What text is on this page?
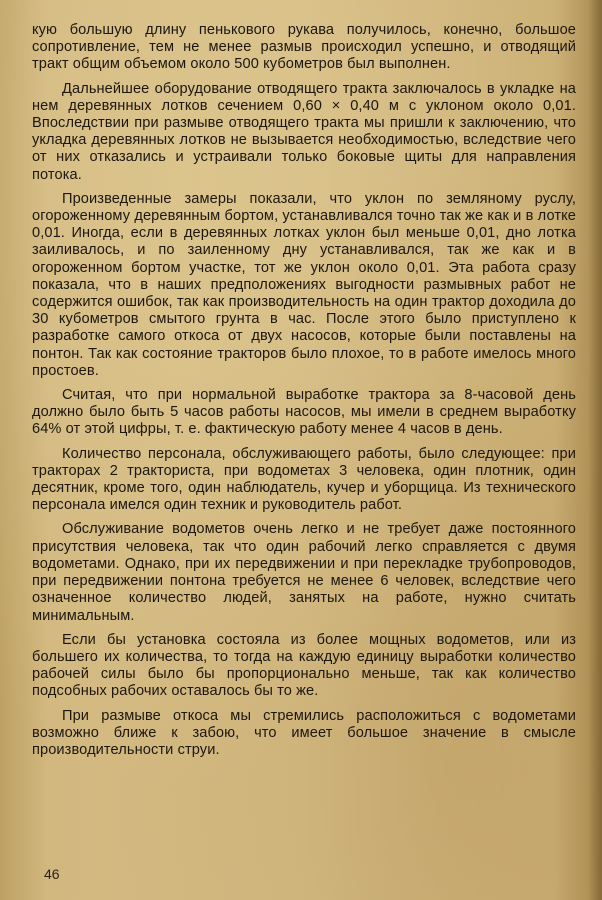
кую большую длину пенькового рукава получилось, конечно, большое сопротивление, тем не менее размыв происходил успешно, и отводящий тракт общим объемом около 500 кубометров был выполнен.

Дальнейшее оборудование отводящего тракта заключалось в укладке на нем деревянных лотков сечением 0,60 × 0,40 м с уклоном около 0,01. Впоследствии при размыве отводящего тракта мы пришли к заключению, что укладка деревянных лотков не вызывается необходимостью, вследствие чего от них отказались и устраивали только боковые щиты для направления потока.

Произведенные замеры показали, что уклон по земляному руслу, огороженному деревянным бортом, устанавливался точно так же как и в лотке 0,01. Иногда, если в деревянных лотках уклон был меньше 0,01, дно лотка заиливалось, и по заиленному дну устанавливался, так же как и в огороженном бортом участке, тот же уклон около 0,01. Эта работа сразу показала, что в наших предположениях выгодности размывных работ не содержится ошибок, так как производительность на один трактор доходила до 30 кубометров смытого грунта в час. После этого было приступлено к разработке самого откоса от двух насосов, которые были поставлены на понтон. Так как состояние тракторов было плохое, то в работе имелось много простоев.

Считая, что при нормальной выработке трактора за 8-часовой день должно было быть 5 часов работы насосов, мы имели в среднем выработку 64% от этой цифры, т. е. фактическую работу менее 4 часов в день.

Количество персонала, обслуживающего работы, было следующее: при тракторах 2 тракториста, при водометах 3 человека, один плотник, один десятник, кроме того, один наблюдатель, кучер и уборщица. Из технического персонала имелся один техник и руководитель работ.

Обслуживание водометов очень легко и не требует даже постоянного присутствия человека, так что один рабочий легко справляется с двумя водометами. Однако, при их передвижении и при перекладке трубопроводов, при передвижении понтона требуется не менее 6 человек, вследствие чего означенное количество людей, занятых на работе, нужно считать минимальным.

Если бы установка состояла из более мощных водометов, или из большего их количества, то тогда на каждую единицу выработки количество рабочей силы было бы пропорционально меньше, так как количество подсобных рабочих оставалось бы то же.

При размыве откоса мы стремились расположиться с водометами возможно ближе к забою, что имеет большое значение в смысле производительности струи.

46
